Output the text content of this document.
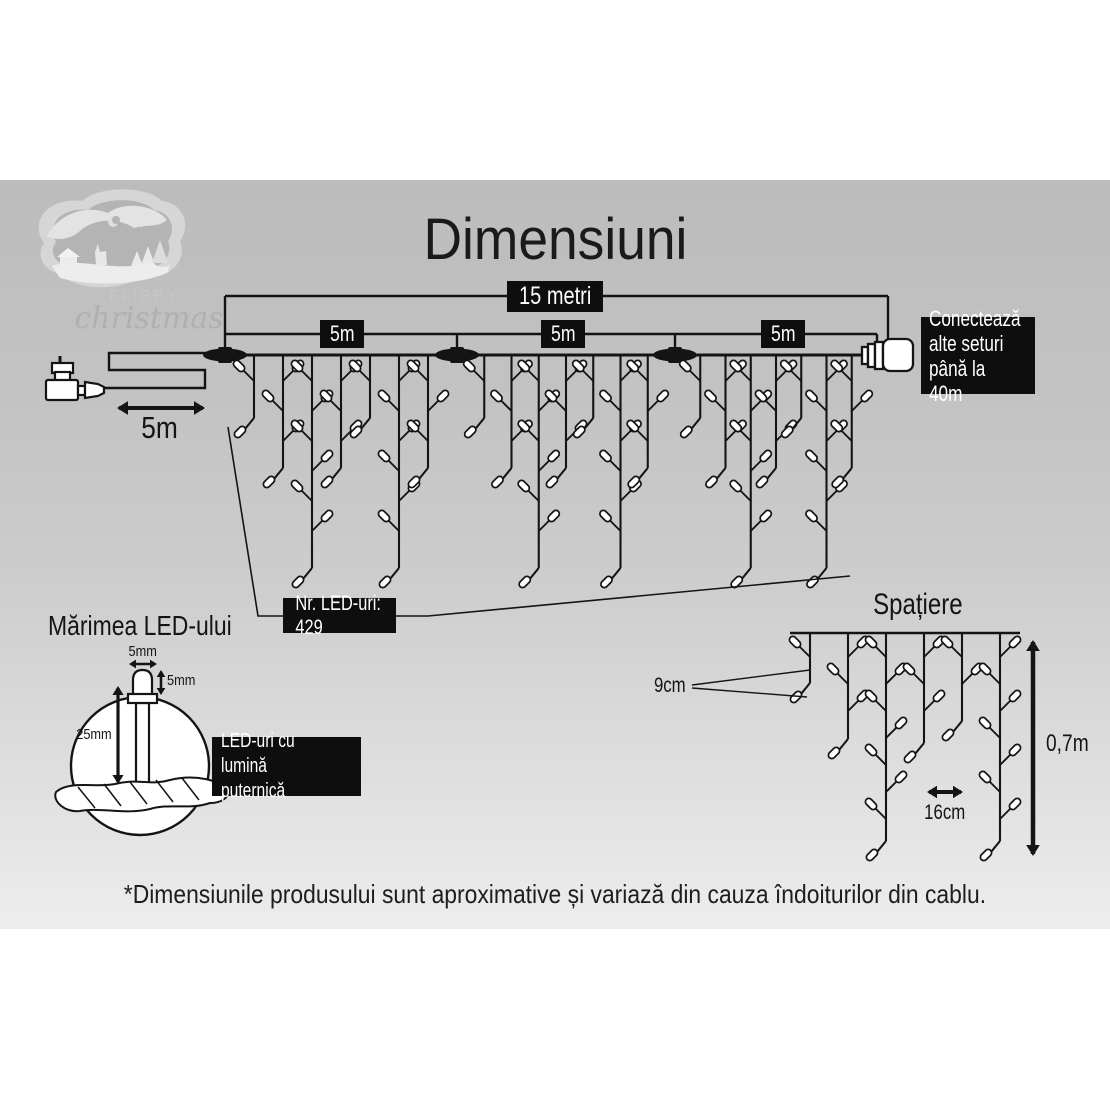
Dimensiuni
FLIPPY.
christmas
15 metri
5m	5m	5m
5m
Conectează
alte seturi
până la 40m
Nr. LED-uri: 429
Mărimea LED-ului
5mm
5mm
25mm	LED-uri cu lumină
puternică
Spațiere
9cm
16cm
0,7m
*Dimensiunile produsului sunt aproximative și variază din cauza îndoiturilor din cablu.
